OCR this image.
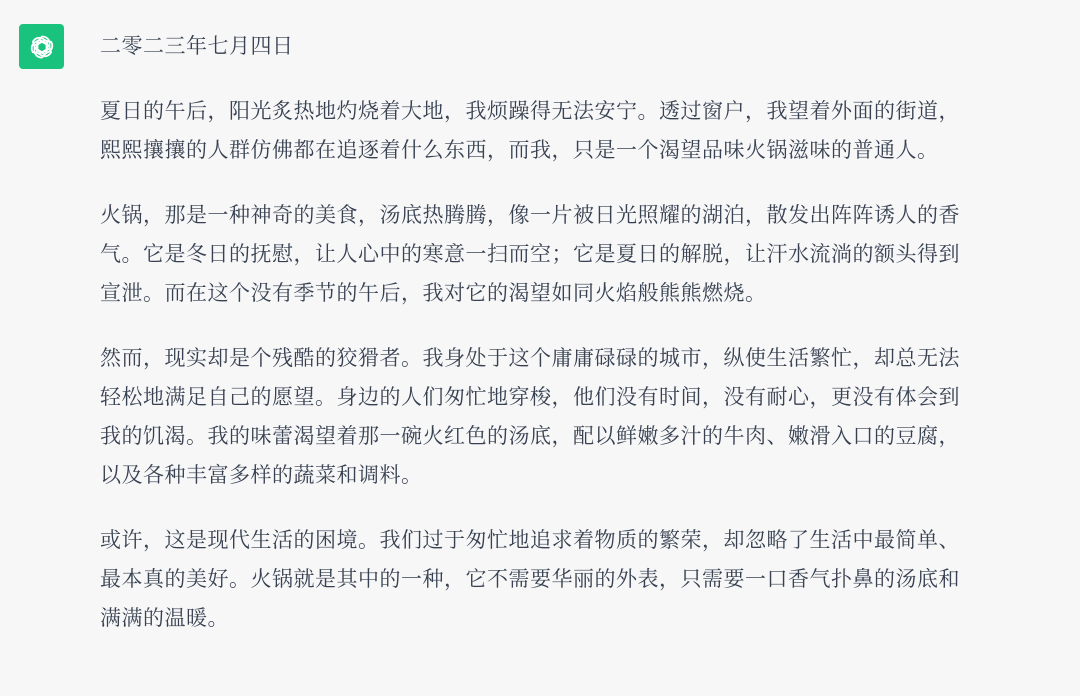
二零二三年七月四日
夏日的午后，阳光炙热地灼烧着大地，我烦躁得无法安宁。透过窗户，我望着外面的街道，
熙熙攘攘的人群仿佛都在追逐着什么东西，而我，只是一个渴望品味火锅滋味的普通人。
火锅，那是一种神奇的美食，汤底热腾腾，像一片被日光照耀的湖泊，散发出阵阵诱人的香
气。它是冬日的抚慰，让人心中的寒意一扫而空；它是夏日的解脱，让汗水流淌的额头得到
宣泄。而在这个没有季节的午后，我对它的渴望如同火焰般熊熊燃烧。
然而，现实却是个残酷的狡猾者。我身处于这个庸庸碌碌的城市，纵使生活繁忙，却总无法
轻松地满足自己的愿望。身边的人们匆忙地穿梭，他们没有时间，没有耐心，更没有体会到
我的饥渴。我的味蕾渴望着那一碗火红色的汤底，配以鲜嫩多汁的牛肉、嫩滑入口的豆腐，
以及各种丰富多样的蔬菜和调料。
或许，这是现代生活的困境。我们过于匆忙地追求着物质的繁荣，却忽略了生活中最简单、
最本真的美好。火锅就是其中的一种，它不需要华丽的外表，只需要一口香气扑鼻的汤底和
满满的温暖。
